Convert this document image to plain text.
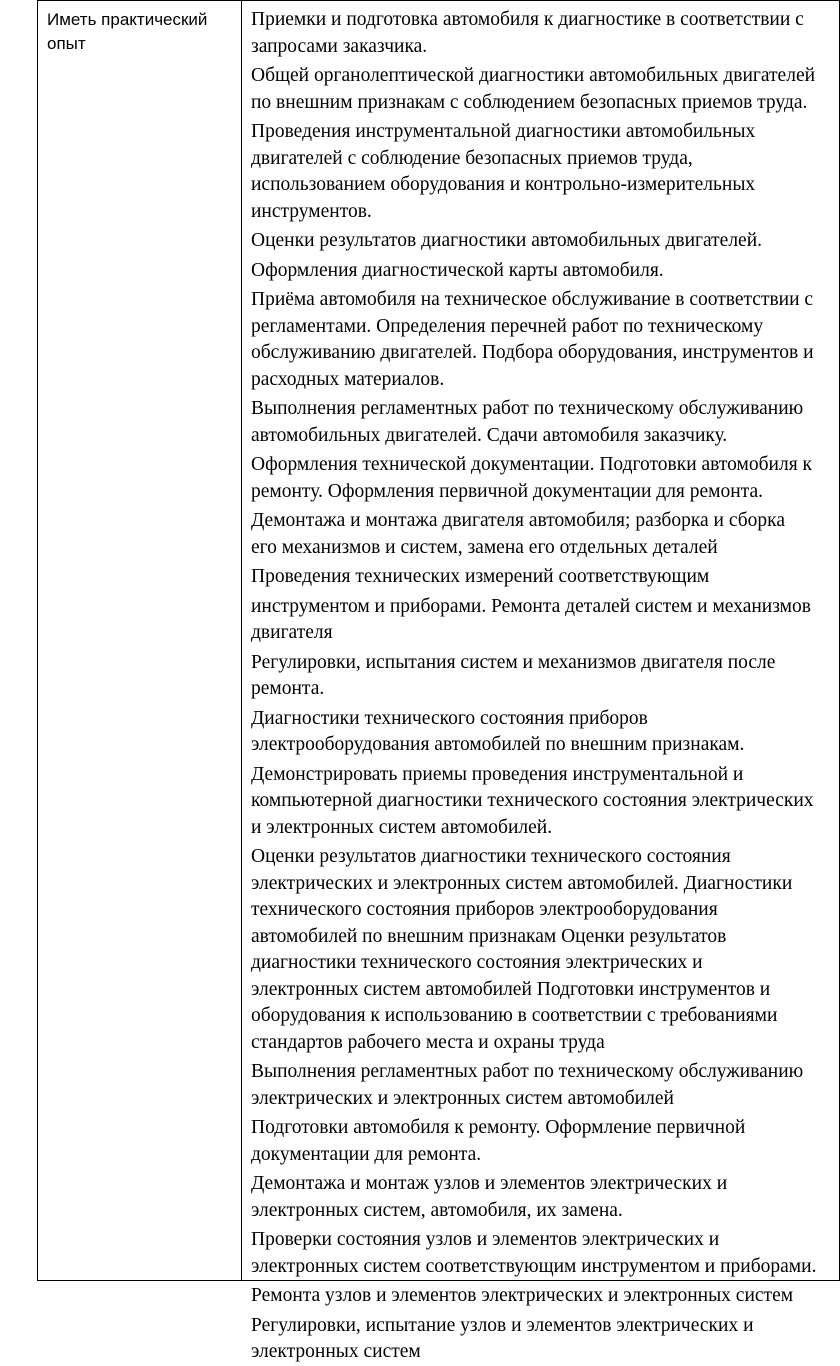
Иметь практический опыт

Приемки и подготовка автомобиля к диагностике в соответствии с
запросами заказчика.
Общей органолептической диагностики автомобильных двигателей
по внешним признакам с соблюдением безопасных приемов труда.
Проведения инструментальной диагностики автомобильных
двигателей с соблюдение безопасных приемов труда,
использованием оборудования и контрольно-измерительных
инструментов.
Оценки результатов диагностики автомобильных двигателей.
Оформления диагностической карты автомобиля.
Приёма автомобиля на техническое обслуживание в соответствии с
регламентами. Определения перечней работ по техническому
обслуживанию двигателей. Подбора оборудования, инструментов и
расходных материалов.
Выполнения регламентных работ по техническому обслуживанию
автомобильных двигателей. Сдачи автомобиля заказчику.
Оформления технической документации. Подготовки автомобиля к
ремонту. Оформления первичной документации для ремонта.
Демонтажа и монтажа двигателя автомобиля; разборка и сборка
его механизмов и систем, замена его отдельных деталей
Проведения технических измерений соответствующим
инструментом и приборами. Ремонта деталей систем и механизмов
двигателя
Регулировки, испытания систем и механизмов двигателя после
ремонта.
Диагностики технического состояния приборов
электрооборудования автомобилей по внешним признакам.
Демонстрировать приемы проведения инструментальной и
компьютерной диагностики технического состояния электрических
и электронных систем автомобилей.
Оценки результатов диагностики технического состояния
электрических и электронных систем автомобилей. Диагностики
технического состояния приборов электрооборудования
автомобилей по внешним признакам Оценки результатов
диагностики технического состояния электрических и
электронных систем автомобилей Подготовки инструментов и
оборудования к использованию в соответствии с требованиями
стандартов рабочего места и охраны труда
Выполнения регламентных работ по техническому обслуживанию
электрических и электронных систем автомобилей
Подготовки автомобиля к ремонту. Оформление первичной
документации для ремонта.
Демонтажа и монтаж узлов и элементов электрических и
электронных систем, автомобиля, их замена.
Проверки состояния узлов и элементов электрических и
электронных систем соответствующим инструментом и приборами.
Ремонта узлов и элементов электрических и электронных систем
Регулировки, испытание узлов и элементов электрических и
электронных систем
